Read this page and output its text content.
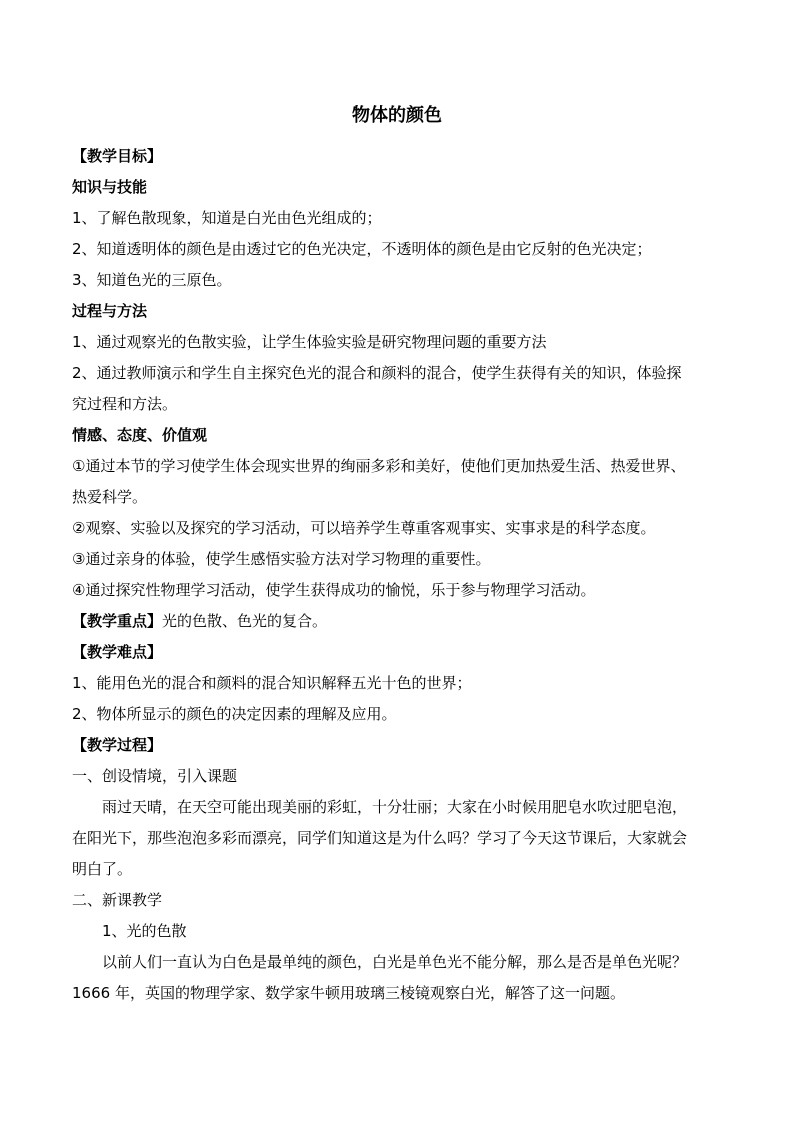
物体的颜色
【教学目标】
知识与技能
1、了解色散现象，知道是白光由色光组成的；
2、知道透明体的颜色是由透过它的色光决定，不透明体的颜色是由它反射的色光决定；
3、知道色光的三原色。
过程与方法
1、通过观察光的色散实验，让学生体验实验是研究物理问题的重要方法
2、通过教师演示和学生自主探究色光的混合和颜料的混合，使学生获得有关的知识，体验探
究过程和方法。
情感、态度、价值观
①通过本节的学习使学生体会现实世界的绚丽多彩和美好，使他们更加热爱生活、热爱世界、
热爱科学。
②观察、实验以及探究的学习活动，可以培养学生尊重客观事实、实事求是的科学态度。
③通过亲身的体验，使学生感悟实验方法对学习物理的重要性。
④通过探究性物理学习活动，使学生获得成功的愉悦，乐于参与物理学习活动。
【教学重点】光的色散、色光的复合。
【教学难点】
1、能用色光的混合和颜料的混合知识解释五光十色的世界；
2、物体所显示的颜色的决定因素的理解及应用。
【教学过程】
一、创设情境，引入课题
雨过天晴，在天空可能出现美丽的彩虹，十分壮丽；大家在小时候用肥皂水吹过肥皂泡，
在阳光下，那些泡泡多彩而漂亮，同学们知道这是为什么吗？学习了今天这节课后，大家就会
明白了。
二、新课教学
1、光的色散
以前人们一直认为白色是最单纯的颜色，白光是单色光不能分解，那么是否是单色光呢？
1666 年，英国的物理学家、数学家牛顿用玻璃三棱镜观察白光，解答了这一问题。
